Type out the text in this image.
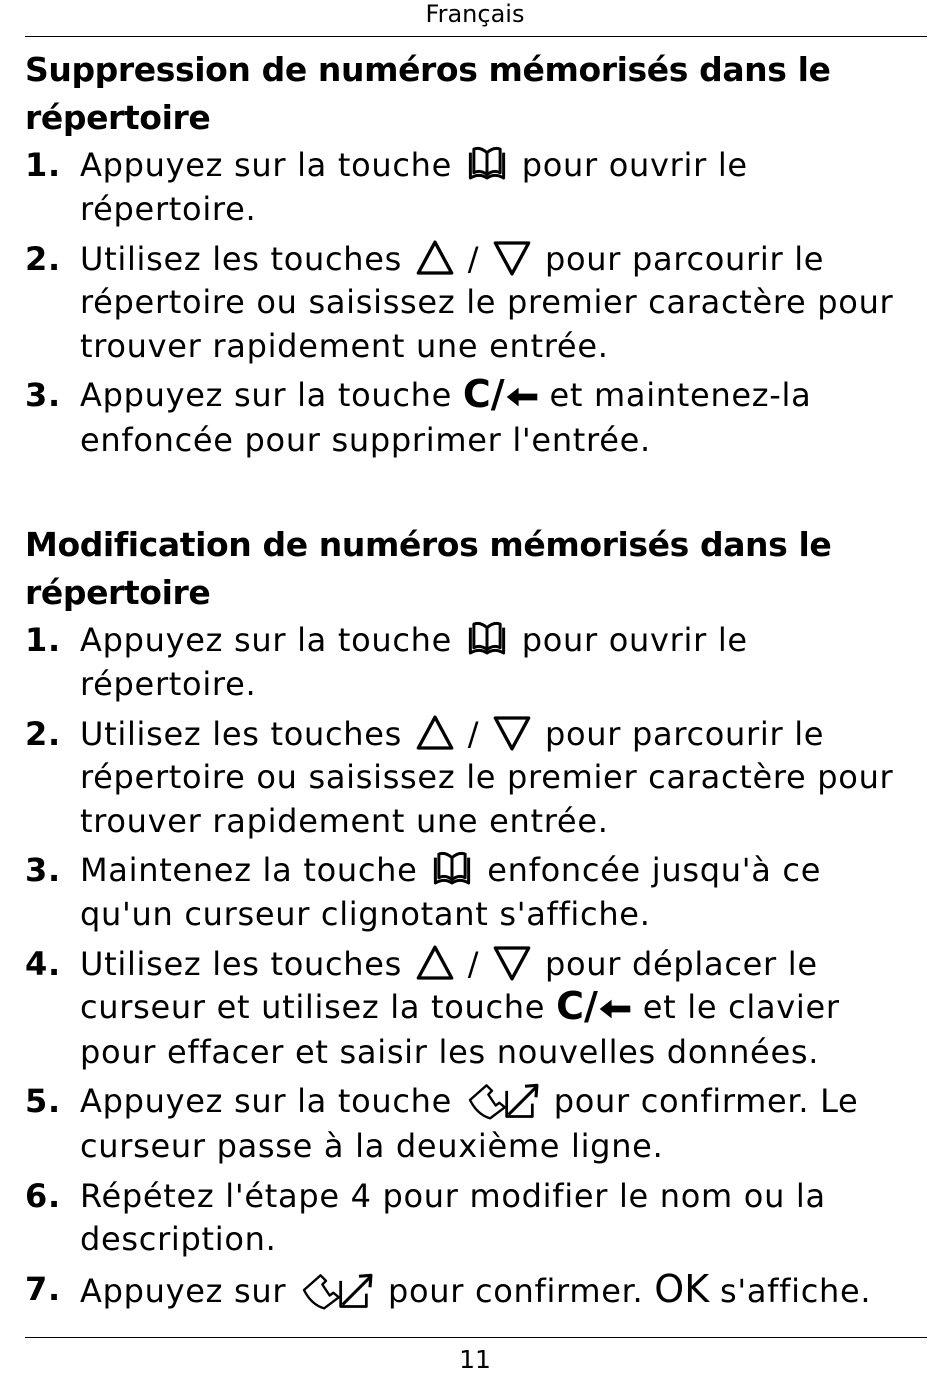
Français
Suppression de numéros mémorisés dans le répertoire
1. Appuyez sur la touche pour ouvrir le répertoire.
2. Utilisez les touches / pour parcourir le répertoire ou saisissez le premier caractère pour trouver rapidement une entrée.
3. Appuyez sur la touche C/ et maintenez-la enfoncée pour supprimer l'entrée.
Modification de numéros mémorisés dans le répertoire
1. Appuyez sur la touche pour ouvrir le répertoire.
2. Utilisez les touches / pour parcourir le répertoire ou saisissez le premier caractère pour trouver rapidement une entrée.
3. Maintenez la touche enfoncée jusqu'à ce qu'un curseur clignotant s'affiche.
4. Utilisez les touches / pour déplacer le curseur et utilisez la touche C/ et le clavier pour effacer et saisir les nouvelles données.
5. Appuyez sur la touche	pour confirmer. Le curseur passe à la deuxième ligne.
6. Répétez l'étape 4 pour modifier le nom ou la description.
7. Appuyez sur	pour confirmer. OK s'affiche.
11
